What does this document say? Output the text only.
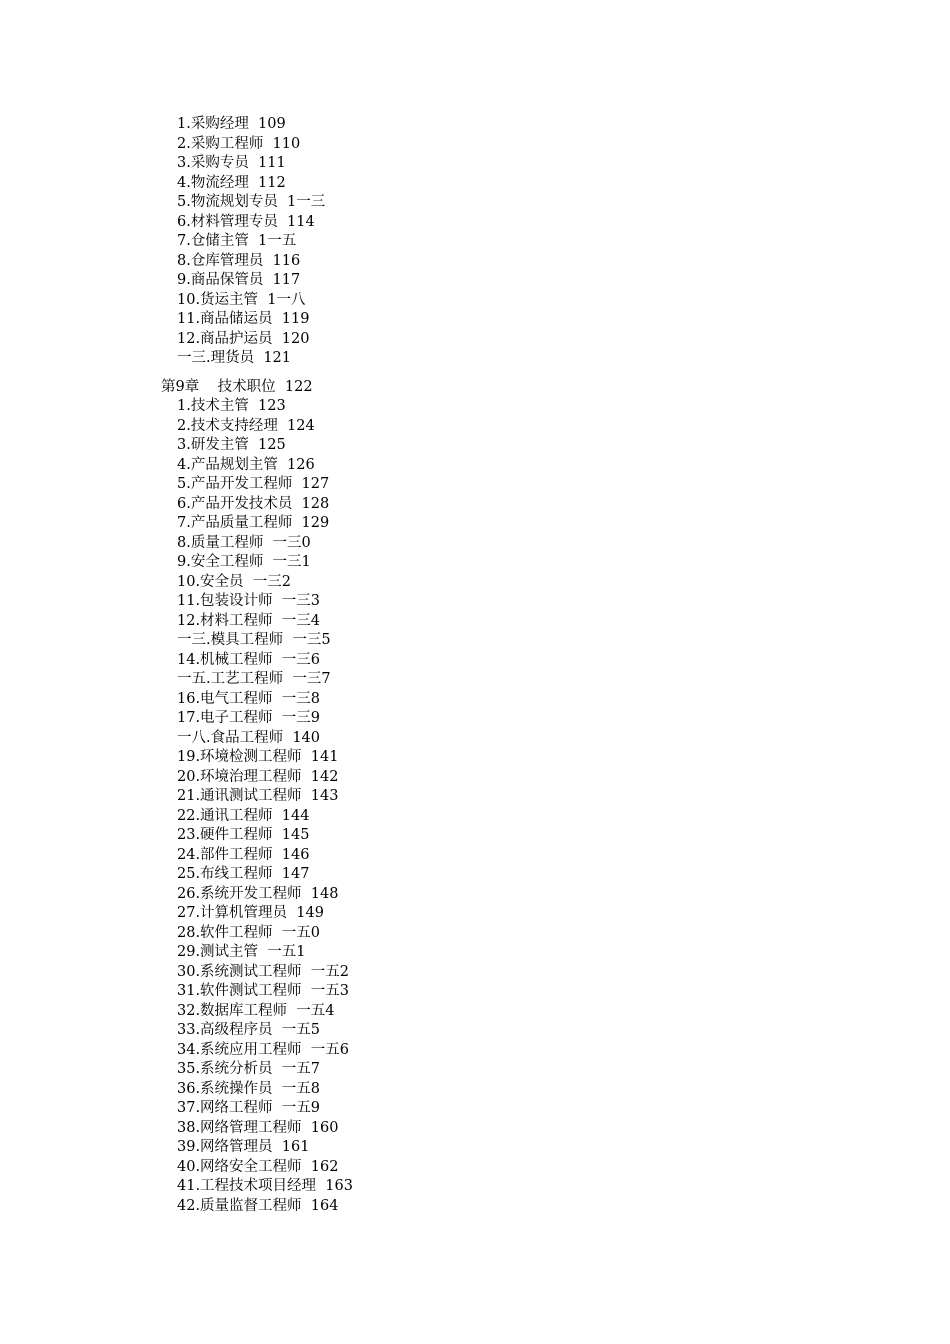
1.采购经理  109
2.采购工程师  110
3.采购专员  111
4.物流经理  112
5.物流规划专员  1一三
6.材料管理专员  114
7.仓储主管  1一五
8.仓库管理员  116
9.商品保管员  117
10.货运主管  1一八
11.商品储运员  119
12.商品护运员  120
一三.理货员  121
第9章    技术职位  122
1.技术主管  123
2.技术支持经理  124
3.研发主管  125
4.产品规划主管  126
5.产品开发工程师  127
6.产品开发技术员  128
7.产品质量工程师  129
8.质量工程师  一三0
9.安全工程师  一三1
10.安全员  一三2
11.包装设计师  一三3
12.材料工程师  一三4
一三.模具工程师  一三5
14.机械工程师  一三6
一五.工艺工程师  一三7
16.电气工程师  一三8
17.电子工程师  一三9
一八.食品工程师  140
19.环境检测工程师  141
20.环境治理工程师  142
21.通讯测试工程师  143
22.通讯工程师  144
23.硬件工程师  145
24.部件工程师  146
25.布线工程师  147
26.系统开发工程师  148
27.计算机管理员  149
28.软件工程师  一五0
29.测试主管  一五1
30.系统测试工程师  一五2
31.软件测试工程师  一五3
32.数据库工程师  一五4
33.高级程序员  一五5
34.系统应用工程师  一五6
35.系统分析员  一五7
36.系统操作员  一五8
37.网络工程师  一五9
38.网络管理工程师  160
39.网络管理员  161
40.网络安全工程师  162
41.工程技术项目经理  163
42.质量监督工程师  164
